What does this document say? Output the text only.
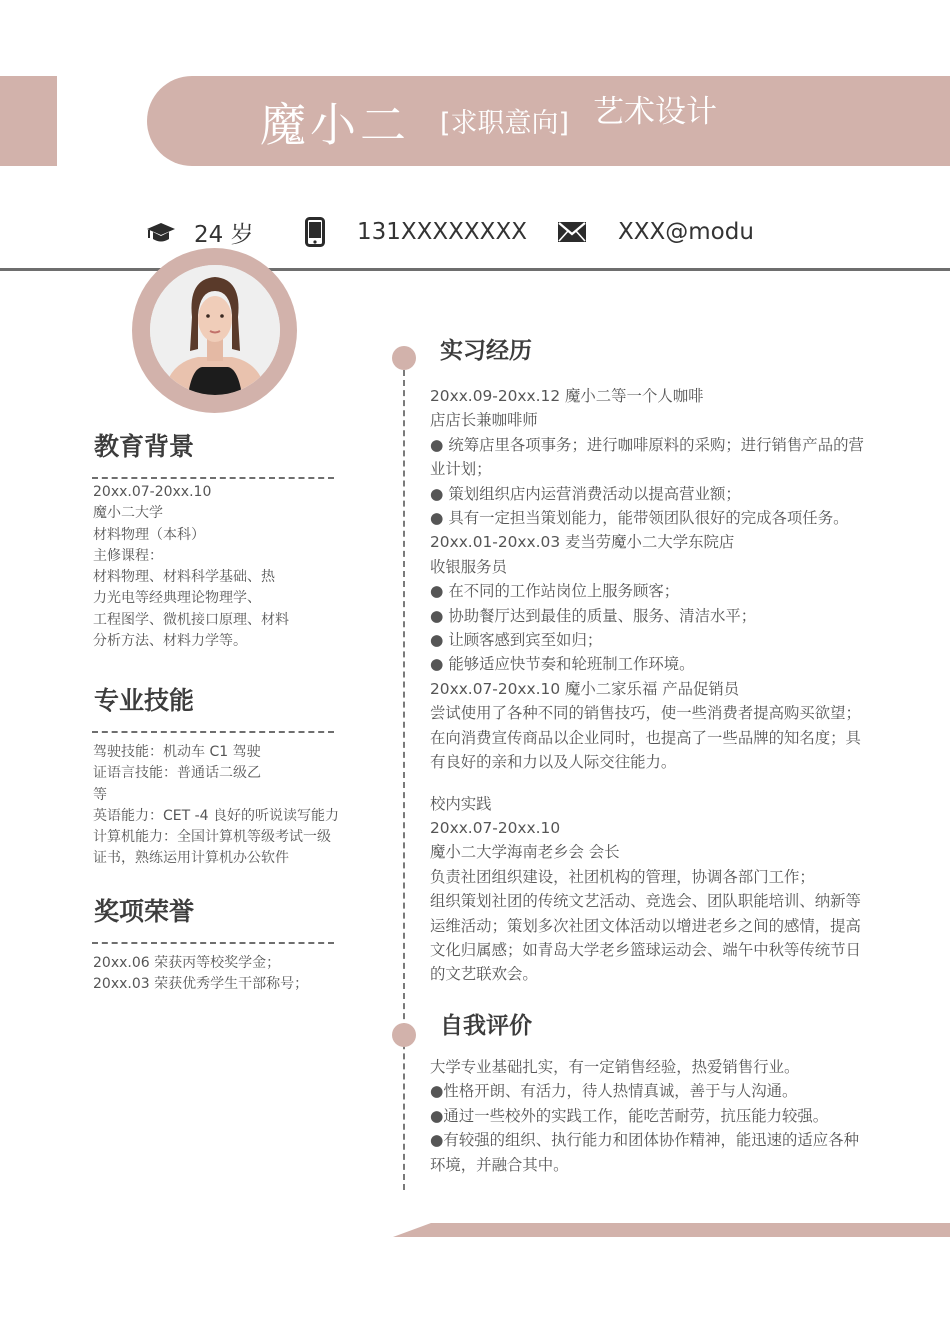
魔小二 [求职意向] 艺术设计
24 岁	131XXXXXXXX	XXX@modu
教育背景

20xx.07-20xx.10

魔小二大学

材料物理（本科）

主修课程：

材料物理、材料科学基础、热

力光电等经典理论物理学、

工程图学、微机接口原理、材料

分析方法、材料力学等。

专业技能

驾驶技能：机动车 C1 驾驶

证语言技能：普通话二级乙

等

英语能力：CET -4 良好的听说读写能力

计算机能力：全国计算机等级考试一级

证书，熟练运用计算机办公软件

奖项荣誉

20xx.06 荣获丙等校奖学金；

20xx.03 荣获优秀学生干部称号；

实习经历

20xx.09-20xx.12 魔小二等一个人咖啡

店店长兼咖啡师

● 统筹店里各项事务；进行咖啡原料的采购；进行销售产品的营

业计划；

● 策划组织店内运营消费活动以提高营业额；

● 具有一定担当策划能力，能带领团队很好的完成各项任务。

20xx.01-20xx.03 麦当劳魔小二大学东院店

收银服务员

● 在不同的工作站岗位上服务顾客；

● 协助餐厅达到最佳的质量、服务、清洁水平；

● 让顾客感到宾至如归；

● 能够适应快节奏和轮班制工作环境。

20xx.07-20xx.10 魔小二家乐福 产品促销员

尝试使用了各种不同的销售技巧，使一些消费者提高购买欲望；

在向消费宣传商品以企业同时，也提高了一些品牌的知名度；具

有良好的亲和力以及人际交往能力。

校内实践

20xx.07-20xx.10

魔小二大学海南老乡会 会长

负责社团组织建设，社团机构的管理，协调各部门工作；

组织策划社团的传统文艺活动、竞选会、团队职能培训、纳新等

运维活动；策划多次社团文体活动以增进老乡之间的感情，提高

文化归属感；如青岛大学老乡篮球运动会、端午中秋等传统节日

的文艺联欢会。

自我评价

大学专业基础扎实，有一定销售经验，热爱销售行业。

●性格开朗、有活力，待人热情真诚，善于与人沟通。

●通过一些校外的实践工作，能吃苦耐劳，抗压能力较强。

●有较强的组织、执行能力和团体协作精神，能迅速的适应各种

环境，并融合其中。
